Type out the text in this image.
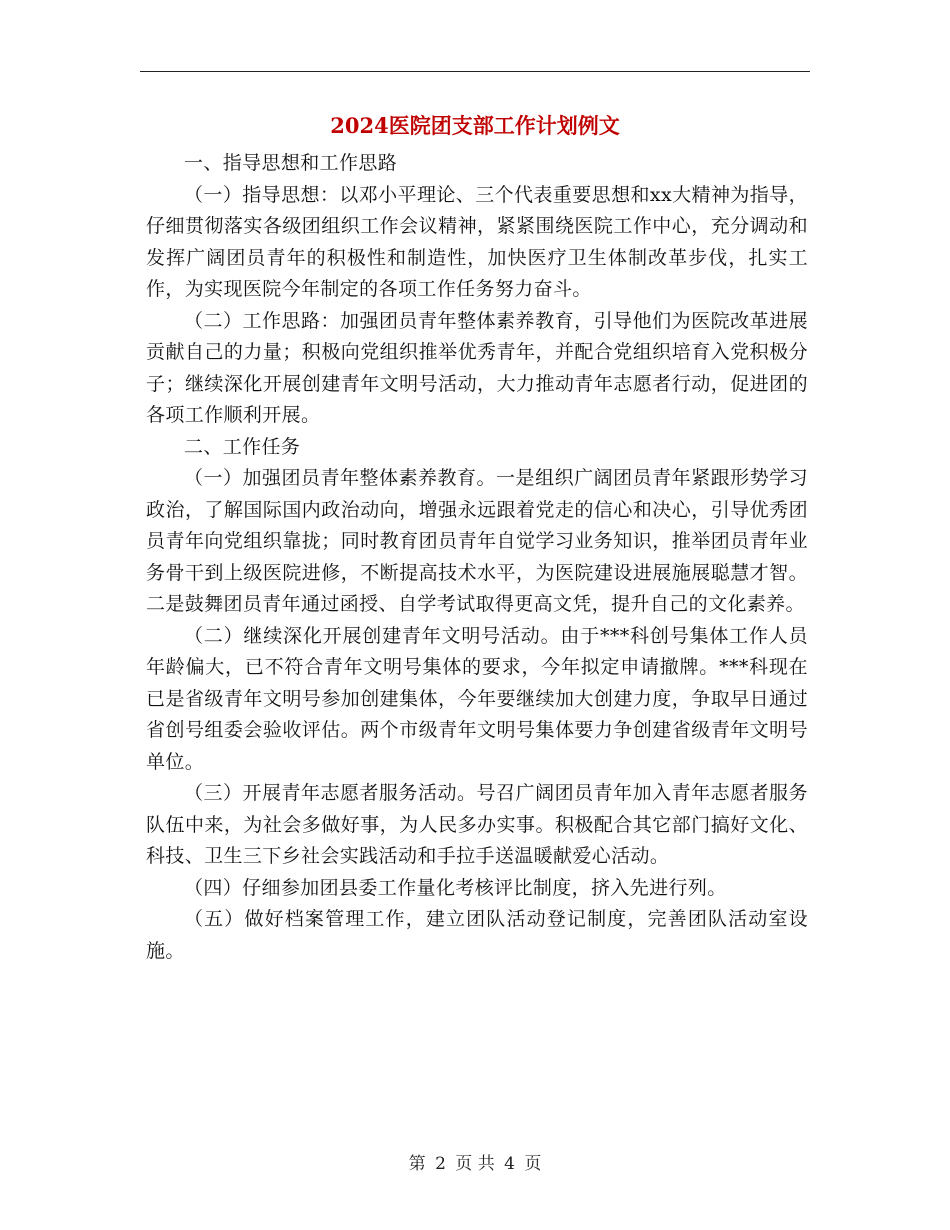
2024医院团支部工作计划例文

一、指导思想和工作思路

（一）指导思想：以邓小平理论、三个代表重要思想和xx大精神为指导，仔细贯彻落实各级团组织工作会议精神，紧紧围绕医院工作中心，充分调动和发挥广阔团员青年的积极性和制造性，加快医疗卫生体制改革步伐，扎实工作，为实现医院今年制定的各项工作任务努力奋斗。

（二）工作思路：加强团员青年整体素养教育，引导他们为医院改革进展贡献自己的力量；积极向党组织推举优秀青年，并配合党组织培育入党积极分子；继续深化开展创建青年文明号活动，大力推动青年志愿者行动，促进团的各项工作顺利开展。

二、工作任务

（一）加强团员青年整体素养教育。一是组织广阔团员青年紧跟形势学习政治，了解国际国内政治动向，增强永远跟着党走的信心和决心，引导优秀团员青年向党组织靠拢；同时教育团员青年自觉学习业务知识，推举团员青年业务骨干到上级医院进修，不断提高技术水平，为医院建设进展施展聪慧才智。二是鼓舞团员青年通过函授、自学考试取得更高文凭，提升自己的文化素养。

（二）继续深化开展创建青年文明号活动。由于***科创号集体工作人员年龄偏大，已不符合青年文明号集体的要求，今年拟定申请撤牌。***科现在已是省级青年文明号参加创建集体，今年要继续加大创建力度，争取早日通过省创号组委会验收评估。两个市级青年文明号集体要力争创建省级青年文明号单位。

（三）开展青年志愿者服务活动。号召广阔团员青年加入青年志愿者服务队伍中来，为社会多做好事，为人民多办实事。积极配合其它部门搞好文化、科技、卫生三下乡社会实践活动和手拉手送温暖献爱心活动。

（四）仔细参加团县委工作量化考核评比制度，挤入先进行列。

（五）做好档案管理工作，建立团队活动登记制度，完善团队活动室设施。

第 2 页 共 4 页
